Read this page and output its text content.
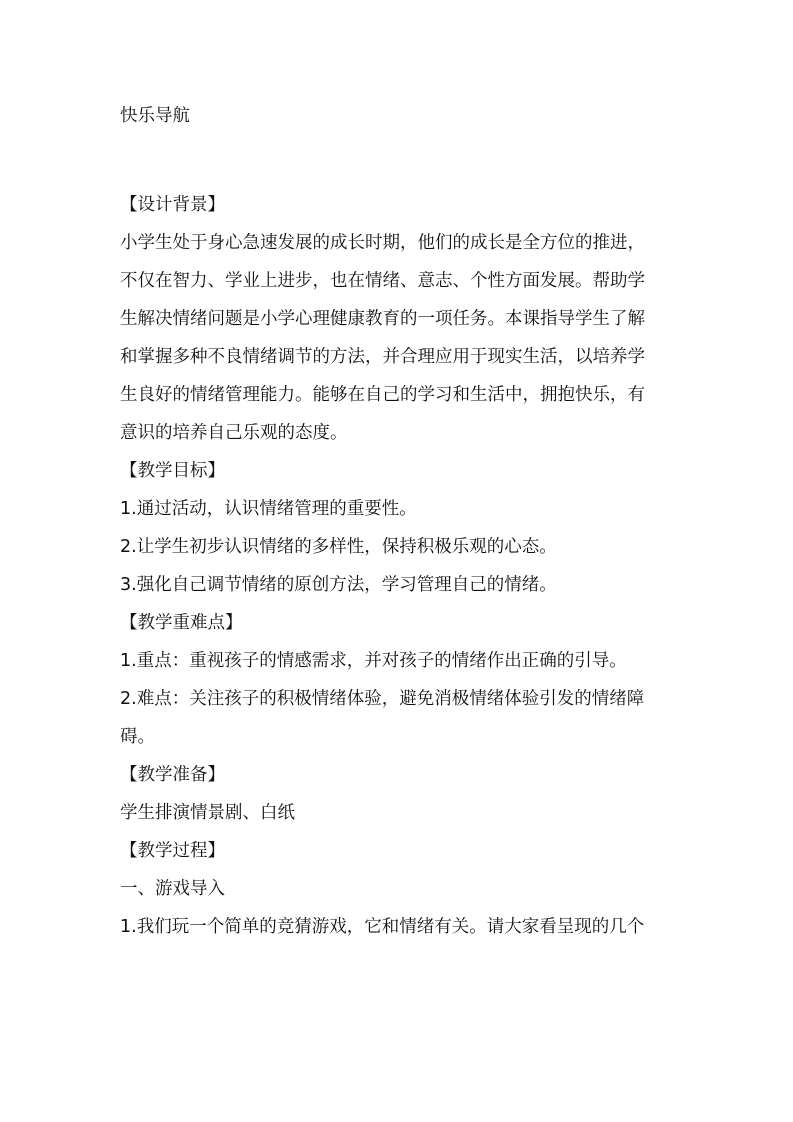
快乐导航
【设计背景】
小学生处于身心急速发展的成长时期，他们的成长是全方位的推进，
不仅在智力、学业上进步，也在情绪、意志、个性方面发展。帮助学
生解决情绪问题是小学心理健康教育的一项任务。本课指导学生了解
和掌握多种不良情绪调节的方法，并合理应用于现实生活，以培养学
生良好的情绪管理能力。能够在自己的学习和生活中，拥抱快乐，有
意识的培养自己乐观的态度。
【教学目标】
1.通过活动，认识情绪管理的重要性。
2.让学生初步认识情绪的多样性，保持积极乐观的心态。
3.强化自己调节情绪的原创方法，学习管理自己的情绪。
【教学重难点】
1.重点：重视孩子的情感需求，并对孩子的情绪作出正确的引导。
2.难点：关注孩子的积极情绪体验，避免消极情绪体验引发的情绪障
碍。
【教学准备】
学生排演情景剧、白纸
【教学过程】
一、游戏导入
1.我们玩一个简单的竞猜游戏，它和情绪有关。请大家看呈现的几个
